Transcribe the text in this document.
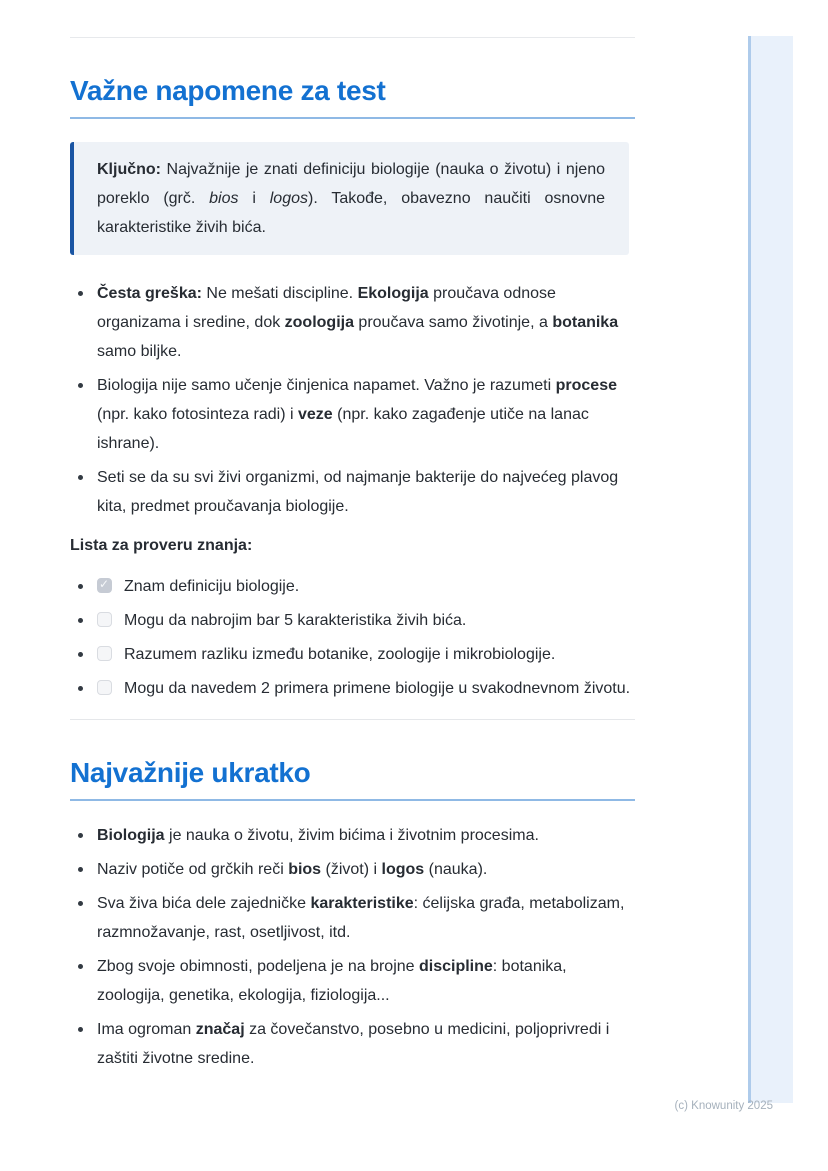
Važne napomene za test
Ključno: Najvažnije je znati definiciju biologije (nauka o životu) i njeno poreklo (grč. bios i logos). Takođe, obavezno naučiti osnovne karakteristike živih bića.
Česta greška: Ne mešati discipline. Ekologija proučava odnose organizama i sredine, dok zoologija proučava samo životinje, a botanika samo biljke.
Biologija nije samo učenje činjenica napamet. Važno je razumeti procese (npr. kako fotosinteza radi) i veze (npr. kako zagađenje utiče na lanac ishrane).
Seti se da su svi živi organizmi, od najmanje bakterije do najvećeg plavog kita, predmet proučavanja biologije.

Lista za proveru znanja:

✓ Znam definiciju biologije.
Mogu da nabrojim bar 5 karakteristika živih bića.
Razumem razliku između botanike, zoologije i mikrobiologije.
Mogu da navedem 2 primera primene biologije u svakodnevnom životu.
Najvažnije ukratko
Biologija je nauka o životu, živim bićima i životnim procesima.
Naziv potiče od grčkih reči bios (život) i logos (nauka).
Sva živa bića dele zajedničke karakteristike: ćelijska građa, metabolizam, razmnožavanje, rast, osetljivost, itd.
Zbog svoje obimnosti, podeljena je na brojne discipline: botanika, zoologija, genetika, ekologija, fiziologija...
Ima ogroman značaj za čovečanstvo, posebno u medicini, poljoprivredi i zaštiti životne sredine.
(c) Knowunity 2025
